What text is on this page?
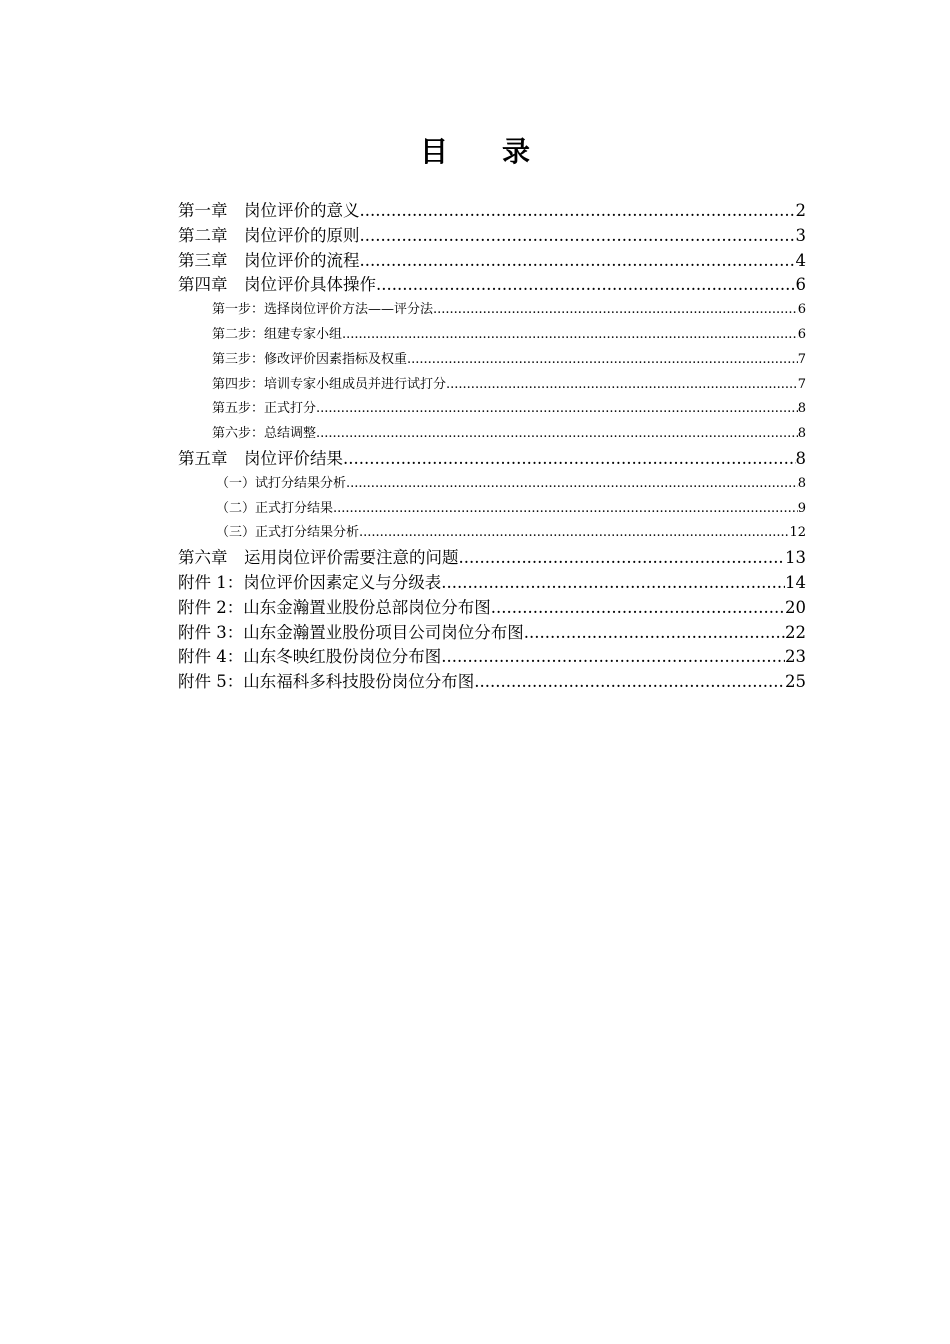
目录
第一章　岗位评价的意义 .....	2
第二章　岗位评价的原则 .....	3
第三章　岗位评价的流程 .....	4
第四章　岗位评价具体操作 .....	6
第一步：选择岗位评价方法——评分法 .....	6
第二步：组建专家小组 .....	6
第三步：修改评价因素指标及权重 .....	7
第四步：培训专家小组成员并进行试打分 .....	7
第五步：正式打分 .....	8
第六步：总结调整 .....	8
第五章　岗位评价结果 .....	8
（一）试打分结果分析 .....	8
（二）正式打分结果 .....	9
（三）正式打分结果分析 .....	12
第六章　运用岗位评价需要注意的问题 .....	13
附件 1：岗位评价因素定义与分级表 .....	14
附件 2：山东金瀚置业股份总部岗位分布图 .....	20
附件 3：山东金瀚置业股份项目公司岗位分布图 .....	22
附件 4：山东冬映红股份岗位分布图 .....	23
附件 5：山东福科多科技股份岗位分布图 .....	25
